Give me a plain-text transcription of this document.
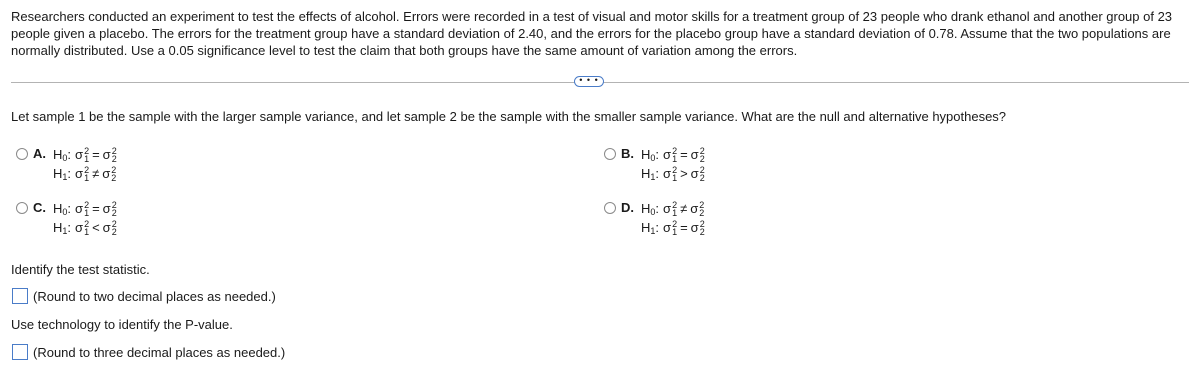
Researchers conducted an experiment to test the effects of alcohol. Errors were recorded in a test of visual and motor skills for a treatment group of 23 people who drank ethanol and another group of 23 people given a placebo. The errors for the treatment group have a standard deviation of 2.40, and the errors for the placebo group have a standard deviation of 0.78. Assume that the two populations are normally distributed. Use a 0.05 significance level to test the claim that both groups have the same amount of variation among the errors.
• • •
Let sample 1 be the sample with the larger sample variance, and let sample 2 be the sample with the smaller sample variance. What are the null and alternative hypotheses?
A. H 0 : σ 2
1 = σ 2
2
H 1 : σ 2
1 ≠ σ 2
2
B. H 0 : σ 2
1 = σ 2
2
H 1 : σ 2
1 > σ 2
2
C. H 0 : σ 2
1 = σ 2
2
H 1 : σ 2
1 < σ 2
2
D. H 0 : σ 2
1 ≠ σ 2
2
H 1 : σ 2
1 = σ 2
2
Identify the test statistic.
(Round to two decimal places as needed.)
Use technology to identify the P-value.
(Round to three decimal places as needed.)
